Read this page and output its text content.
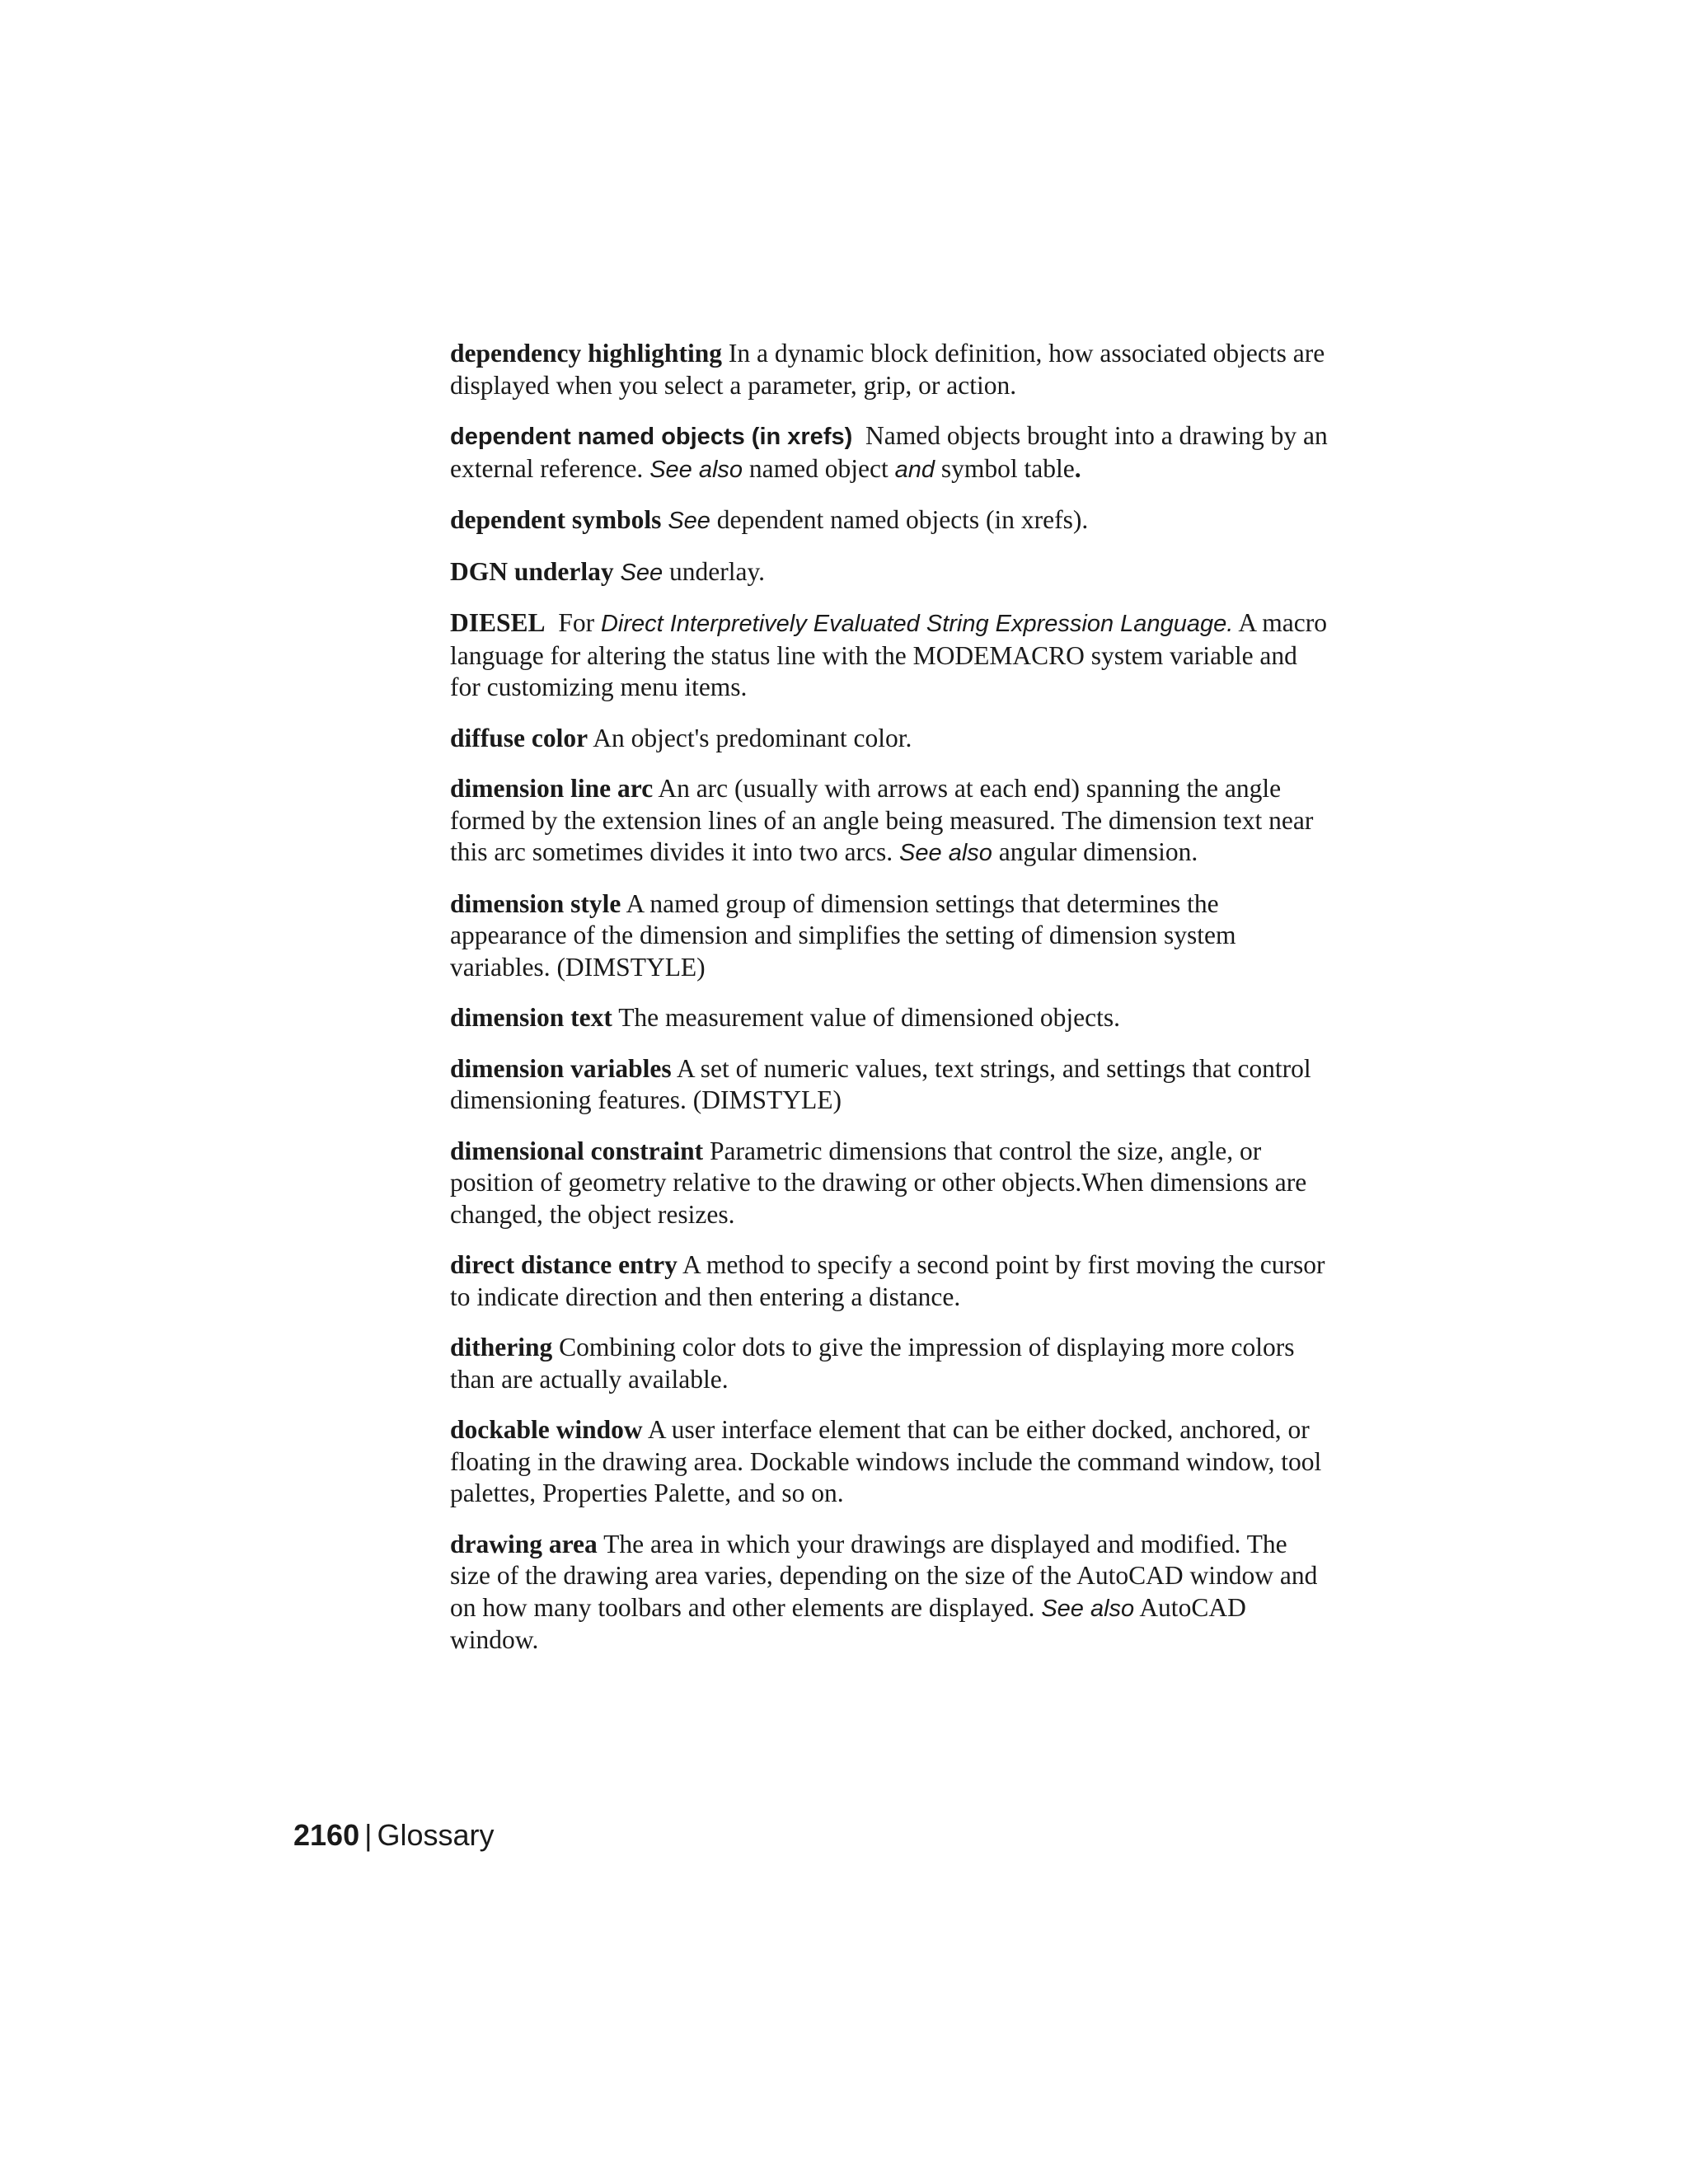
dependency highlighting In a dynamic block definition, how associated objects are displayed when you select a parameter, grip, or action.

dependent named objects (in xrefs) Named objects brought into a drawing by an external reference. See also named object and symbol table.

dependent symbols See dependent named objects (in xrefs).

DGN underlay See underlay.

DIESEL For Direct Interpretively Evaluated String Expression Language. A macro language for altering the status line with the MODEMACRO system variable and for customizing menu items.

diffuse color An object's predominant color.

dimension line arc An arc (usually with arrows at each end) spanning the angle formed by the extension lines of an angle being measured. The dimension text near this arc sometimes divides it into two arcs. See also angular dimension.

dimension style A named group of dimension settings that determines the appearance of the dimension and simplifies the setting of dimension system variables. (DIMSTYLE)

dimension text The measurement value of dimensioned objects.

dimension variables A set of numeric values, text strings, and settings that control dimensioning features. (DIMSTYLE)

dimensional constraint Parametric dimensions that control the size, angle, or position of geometry relative to the drawing or other objects.When dimensions are changed, the object resizes.

direct distance entry A method to specify a second point by first moving the cursor to indicate direction and then entering a distance.

dithering Combining color dots to give the impression of displaying more colors than are actually available.

dockable window A user interface element that can be either docked, anchored, or floating in the drawing area. Dockable windows include the command window, tool palettes, Properties Palette, and so on.

drawing area The area in which your drawings are displayed and modified. The size of the drawing area varies, depending on the size of the AutoCAD window and on how many toolbars and other elements are displayed. See also AutoCAD window.

2160 | Glossary
